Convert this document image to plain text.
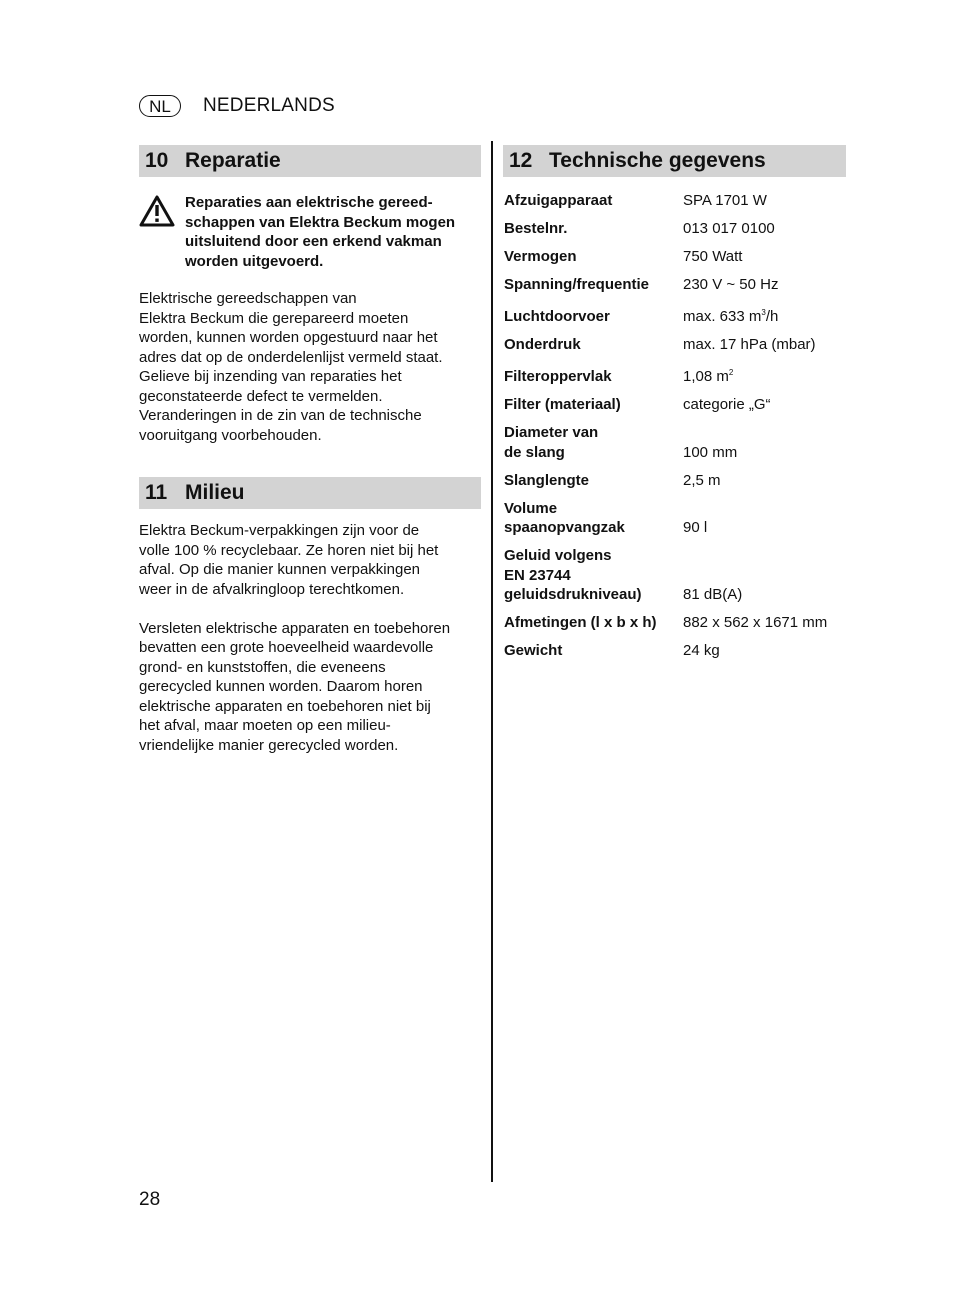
NL	NEDERLANDS
10 Reparatie
Reparaties aan elektrische gereed-
schappen van Elektra Beckum mogen
uitsluitend door een erkend vakman
worden uitgevoerd.
Elektrische gereedschappen van
Elektra Beckum die gerepareerd moeten
worden, kunnen worden opgestuurd naar het
adres dat op de onderdelenlijst vermeld staat.
Gelieve bij inzending van reparaties het
geconstateerde defect te vermelden.
Veranderingen in de zin van de technische
vooruitgang voorbehouden.
11 Milieu
Elektra Beckum-verpakkingen zijn voor de
volle 100 % recyclebaar. Ze horen niet bij het
afval. Op die manier kunnen verpakkingen
weer in de afvalkringloop terechtkomen.
Versleten elektrische apparaten en toebehoren
bevatten een grote hoeveelheid waardevolle
grond- en kunststoffen, die eveneens
gerecycled kunnen worden. Daarom horen
elektrische apparaten en toebehoren niet bij
het afval, maar moeten op een milieu-
vriendelijke manier gerecycled worden.
12 Technische gegevens
Afzuigapparaat	SPA 1701 W

Bestelnr.	013 017 0100

Vermogen	750 Watt

Spanning/frequentie	230 V ~ 50 Hz

Luchtdoorvoer	max. 633 $m^3/h$

Onderdruk	max. 17 hPa (mbar)

Filteroppervlak	1,08 $m^2$

Filter (materiaal)	categorie „G“

Diameter van
de slang	100 mm

Slanglengte	2,5 m

Volume
spaanopvangzak	90 l

Geluid volgens
EN 23744
geluidsdrukniveau)	81 dB(A)

Afmetingen (l x b x h)	882 x 562 x 1671 mm

Gewicht	24 kg
28
